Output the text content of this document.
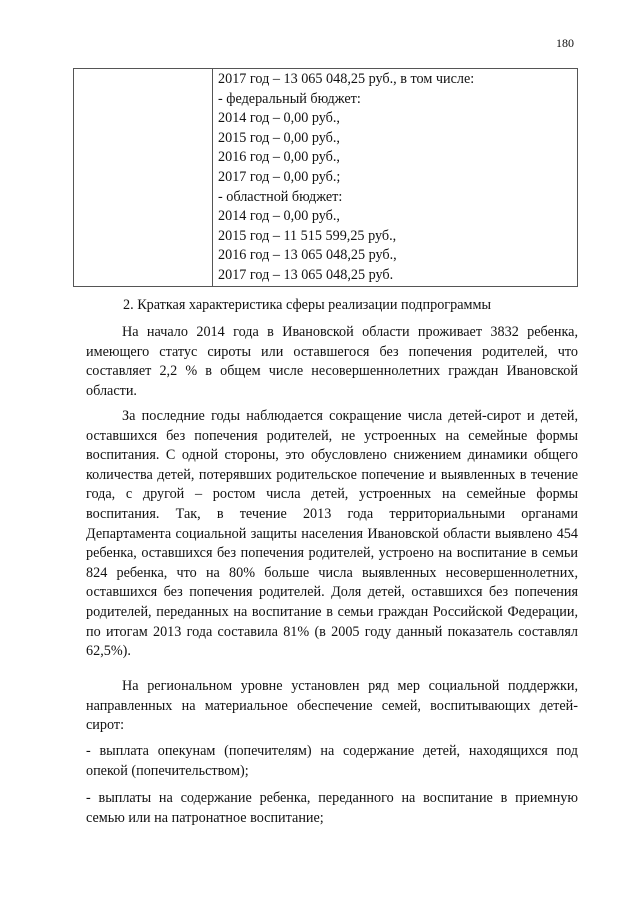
180

2017 год – 13 065 048,25 руб., в том числе:
- федеральный бюджет:
2014 год – 0,00 руб.,
2015 год – 0,00 руб.,
2016 год – 0,00 руб.,
2017 год – 0,00 руб.;
- областной бюджет:
2014 год – 0,00 руб.,
2015 год – 11 515 599,25 руб.,
2016 год – 13 065 048,25 руб.,
2017 год – 13 065 048,25 руб.
2. Краткая характеристика сферы реализации подпрограммы

На начало 2014 года в Ивановской области проживает 3832 ребенка, имеющего статус сироты или оставшегося без попечения родителей, что составляет 2,2 % в общем числе несовершеннолетних граждан Ивановской области.

За последние годы наблюдается сокращение числа детей-сирот и детей, оставшихся без попечения родителей, не устроенных на семейные формы воспитания. С одной стороны, это обусловлено снижением динамики общего количества детей, потерявших родительское попечение и выявленных в течение года, с другой – ростом числа детей, устроенных на семейные формы воспитания. Так, в течение 2013 года территориальными органами Департамента социальной защиты населения Ивановской области выявлено 454 ребенка, оставшихся без попечения родителей, устроено на воспитание в семьи 824 ребенка, что на 80% больше числа выявленных несовершеннолетних, оставшихся без попечения родителей. Доля детей, оставшихся без попечения родителей, переданных на воспитание в семьи граждан Российской Федерации, по итогам 2013 года составила 81% (в 2005 году данный показатель составлял 62,5%).

На региональном уровне установлен ряд мер социальной поддержки, направленных на материальное обеспечение семей, воспитывающих детей-сирот:

- выплата опекунам (попечителям) на содержание детей, находящихся под опекой (попечительством);

- выплаты на содержание ребенка, переданного на воспитание в приемную семью или на патронатное воспитание;
